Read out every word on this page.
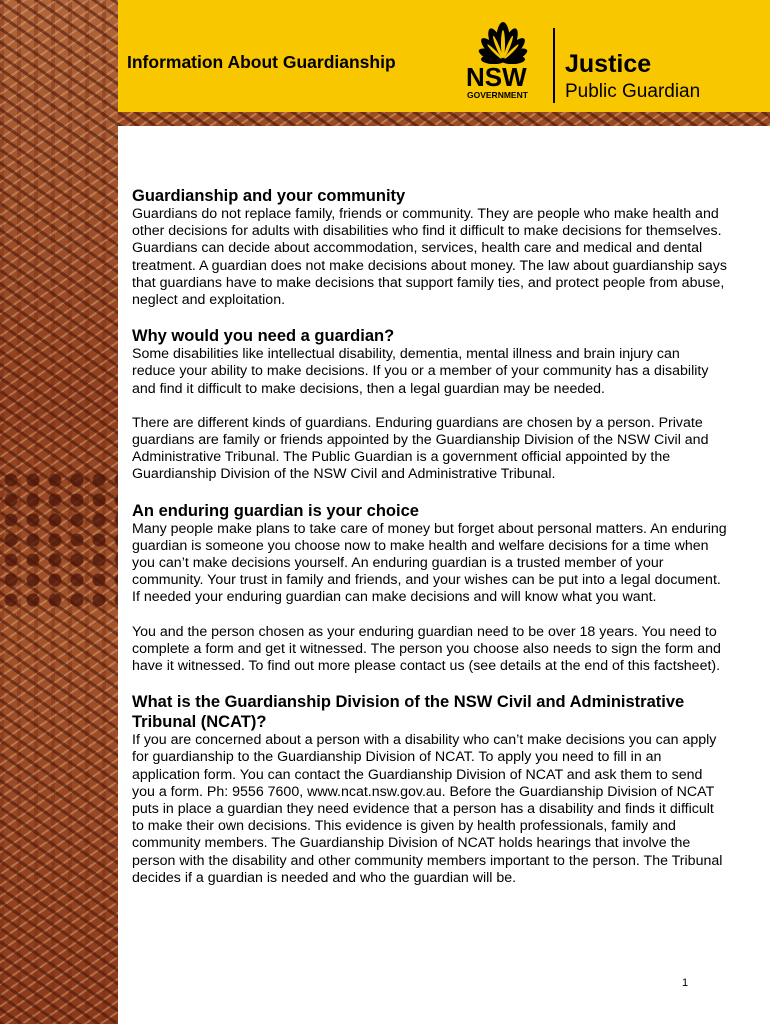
Information About Guardianship	NSW
GOVERNMENT
Justice
Public Guardian
Guardianship and your community

Guardians do not replace family, friends or community. They are people who make health and other decisions for adults with disabilities who find it difficult to make decisions for themselves. Guardians can decide about accommodation, services, health care and medical and dental treatment. A guardian does not make decisions about money. The law about guardianship says that guardians have to make decisions that support family ties, and protect people from abuse, neglect and exploitation.

Why would you need a guardian?

Some disabilities like intellectual disability, dementia, mental illness and brain injury can reduce your ability to make decisions. If you or a member of your community has a disability and find it difficult to make decisions, then a legal guardian may be needed.

There are different kinds of guardians. Enduring guardians are chosen by a person. Private guardians are family or friends appointed by the Guardianship Division of the NSW Civil and Administrative Tribunal. The Public Guardian is a government official appointed by the Guardianship Division of the NSW Civil and Administrative Tribunal.

An enduring guardian is your choice

Many people make plans to take care of money but forget about personal matters. An enduring guardian is someone you choose now to make health and welfare decisions for a time when you can’t make decisions yourself. An enduring guardian is a trusted member of your community. Your trust in family and friends, and your wishes can be put into a legal document. If needed your enduring guardian can make decisions and will know what you want.

You and the person chosen as your enduring guardian need to be over 18 years. You need to complete a form and get it witnessed. The person you choose also needs to sign the form and have it witnessed. To find out more please contact us (see details at the end of this factsheet).

What is the Guardianship Division of the NSW Civil and Administrative Tribunal (NCAT)?

If you are concerned about a person with a disability who can’t make decisions you can apply for guardianship to the Guardianship Division of NCAT. To apply you need to fill in an application form. You can contact the Guardianship Division of NCAT and ask them to send you a form. Ph: 9556 7600, www.ncat.nsw.gov.au. Before the Guardianship Division of NCAT puts in place a guardian they need evidence that a person has a disability and finds it difficult to make their own decisions. This evidence is given by health professionals, family and community members. The Guardianship Division of NCAT holds hearings that involve the person with the disability and other community members important to the person. The Tribunal decides if a guardian is needed and who the guardian will be.

1
